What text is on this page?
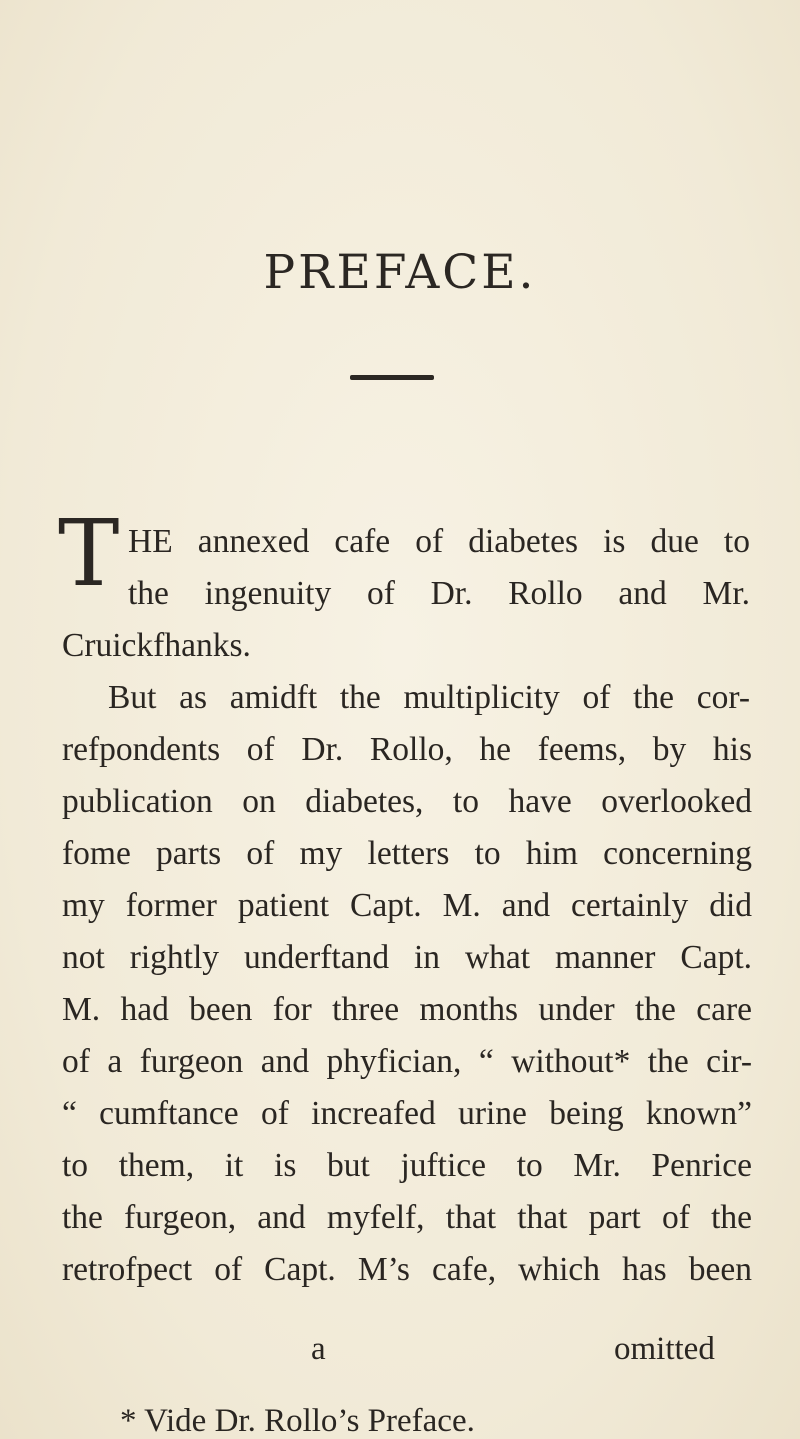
PREFACE.
T HE annexed cafe of diabetes is due to
the ingenuity of Dr. Rollo and Mr.
Cruickfhanks.
But as amidft the multiplicity of the cor-
refpondents of Dr. Rollo, he feems, by his
publication on diabetes, to have overlooked
fome parts of my letters to him concerning
my former patient Capt. M. and certainly did
not rightly underftand in what manner Capt.
M. had been for three months under the care
of a furgeon and phyfician, “ without* the cir-
“ cumftance of increafed urine being known”
to them, it is but juftice to Mr. Penrice
the furgeon, and myfelf, that that part of the
retrofpect of Capt. M’s cafe, which has been
a	omitted
* Vide Dr. Rollo’s Preface.
